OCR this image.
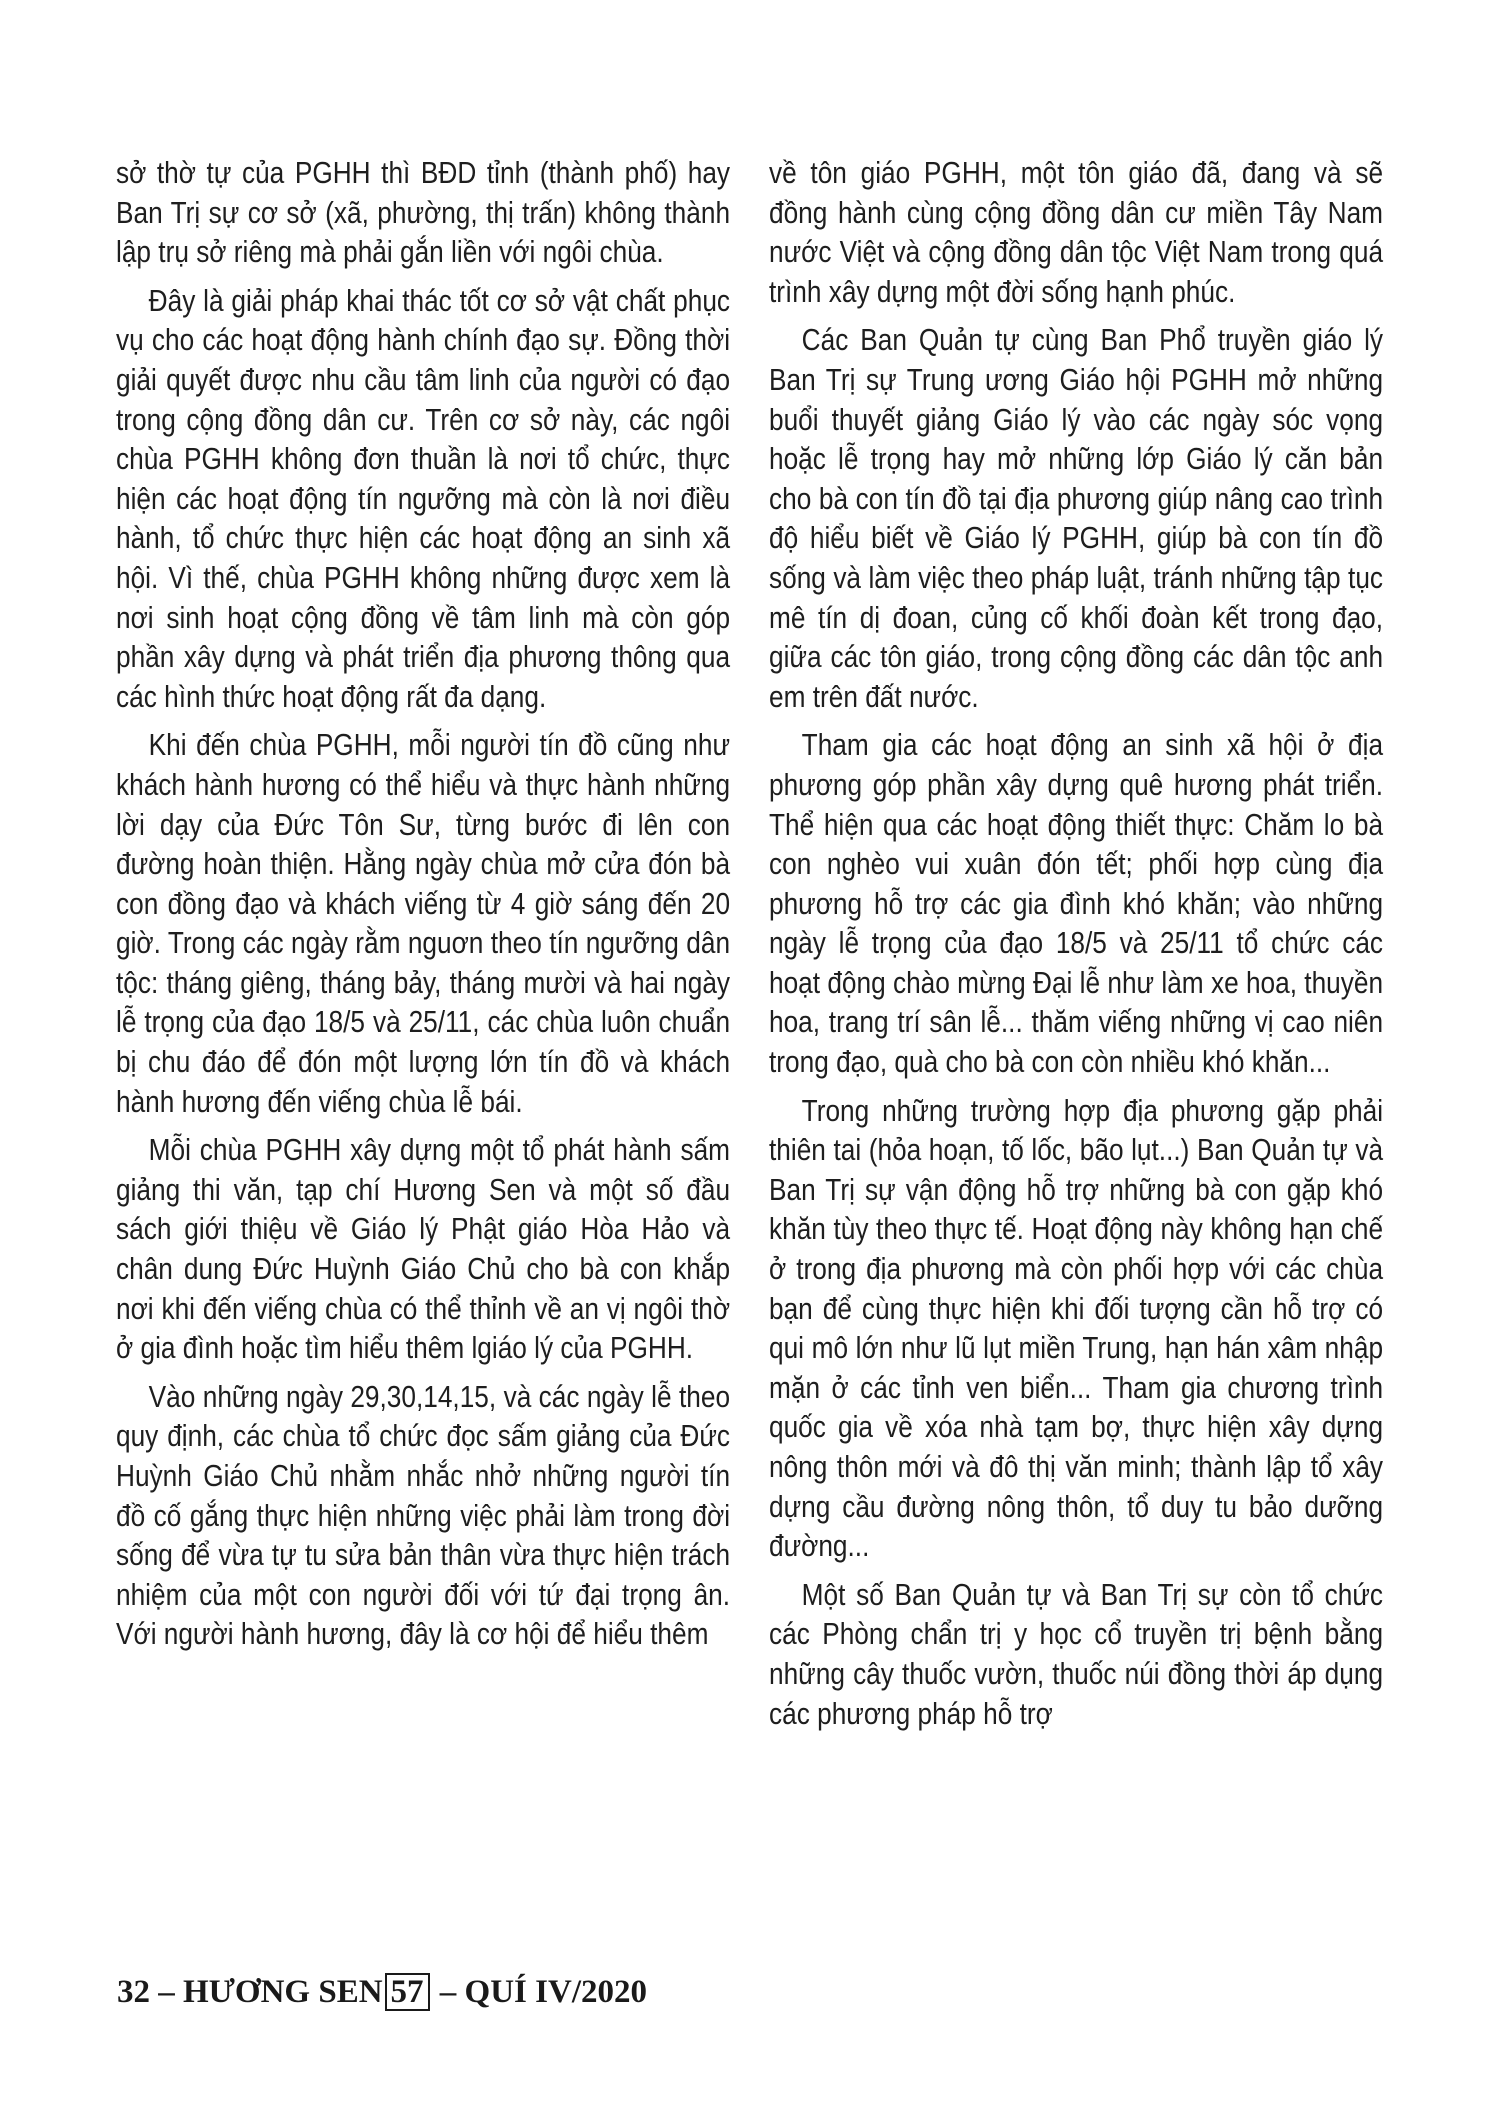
sở thờ tự của PGHH thì BĐD tỉnh (thành phố) hay Ban Trị sự cơ sở (xã, phường, thị trấn) không thành lập trụ sở riêng mà phải gắn liền với ngôi chùa.

Đây là giải pháp khai thác tốt cơ sở vật chất phục vụ cho các hoạt động hành chính đạo sự. Đồng thời giải quyết được nhu cầu tâm linh của người có đạo trong cộng đồng dân cư. Trên cơ sở này, các ngôi chùa PGHH không đơn thuần là nơi tổ chức, thực hiện các hoạt động tín ngưỡng mà còn là nơi điều hành, tổ chức thực hiện các hoạt động an sinh xã hội. Vì thế, chùa PGHH không những được xem là nơi sinh hoạt cộng đồng về tâm linh mà còn góp phần xây dựng và phát triển địa phương thông qua các hình thức hoạt động rất đa dạng.

Khi đến chùa PGHH, mỗi người tín đồ cũng như khách hành hương có thể hiểu và thực hành những lời dạy của Đức Tôn Sư, từng bước đi lên con đường hoàn thiện. Hằng ngày chùa mở cửa đón bà con đồng đạo và khách viếng từ 4 giờ sáng đến 20 giờ. Trong các ngày rằm nguơn theo tín ngưỡng dân tộc: tháng giêng, tháng bảy, tháng mười và hai ngày lễ trọng của đạo 18/5 và 25/11, các chùa luôn chuẩn bị chu đáo để đón một lượng lớn tín đồ và khách hành hương đến viếng chùa lễ bái.

Mỗi chùa PGHH xây dựng một tổ phát hành sấm giảng thi văn, tạp chí Hương Sen và một số đầu sách giới thiệu về Giáo lý Phật giáo Hòa Hảo và chân dung Đức Huỳnh Giáo Chủ cho bà con khắp nơi khi đến viếng chùa có thể thỉnh về an vị ngôi thờ ở gia đình hoặc tìm hiểu thêm lgiáo lý của PGHH.

Vào những ngày 29,30,14,15, và các ngày lễ theo quy định, các chùa tổ chức đọc sấm giảng của Đức Huỳnh Giáo Chủ nhằm nhắc nhở những người tín đồ cố gắng thực hiện những việc phải làm trong đời sống để vừa tự tu sửa bản thân vừa thực hiện trách nhiệm của một con người đối với tứ đại trọng ân. Với người hành hương, đây là cơ hội để hiểu thêm

về tôn giáo PGHH, một tôn giáo đã, đang và sẽ đồng hành cùng cộng đồng dân cư miền Tây Nam nước Việt và cộng đồng dân tộc Việt Nam trong quá trình xây dựng một đời sống hạnh phúc.

Các Ban Quản tự cùng Ban Phổ truyền giáo lý Ban Trị sự Trung ương Giáo hội PGHH mở những buổi thuyết giảng Giáo lý vào các ngày sóc vọng hoặc lễ trọng hay mở những lớp Giáo lý căn bản cho bà con tín đồ tại địa phương giúp nâng cao trình độ hiểu biết về Giáo lý PGHH, giúp bà con tín đồ sống và làm việc theo pháp luật, tránh những tập tục mê tín dị đoan, củng cố khối đoàn kết trong đạo, giữa các tôn giáo, trong cộng đồng các dân tộc anh em trên đất nước.

Tham gia các hoạt động an sinh xã hội ở địa phương góp phần xây dựng quê hương phát triển. Thể hiện qua các hoạt động thiết thực: Chăm lo bà con nghèo vui xuân đón tết; phối hợp cùng địa phương hỗ trợ các gia đình khó khăn; vào những ngày lễ trọng của đạo 18/5 và 25/11 tổ chức các hoạt động chào mừng Đại lễ như làm xe hoa, thuyền hoa, trang trí sân lễ... thăm viếng những vị cao niên trong đạo, quà cho bà con còn nhiều khó khăn...

Trong những trường hợp địa phương gặp phải thiên tai (hỏa hoạn, tố lốc, bão lụt...) Ban Quản tự và Ban Trị sự vận động hỗ trợ những bà con gặp khó khăn tùy theo thực tế. Hoạt động này không hạn chế ở trong địa phương mà còn phối hợp với các chùa bạn để cùng thực hiện khi đối tượng cần hỗ trợ có qui mô lớn như lũ lụt miền Trung, hạn hán xâm nhập mặn ở các tỉnh ven biển... Tham gia chương trình quốc gia về xóa nhà tạm bợ, thực hiện xây dựng nông thôn mới và đô thị văn minh; thành lập tổ xây dựng cầu đường nông thôn, tổ duy tu bảo dưỡng đường...

Một số Ban Quản tự và Ban Trị sự còn tổ chức các Phòng chẩn trị y học cổ truyền trị bệnh bằng những cây thuốc vườn, thuốc núi đồng thời áp dụng các phương pháp hỗ trợ

32 – HƯƠNG SEN 57 – QUÍ IV/2020
